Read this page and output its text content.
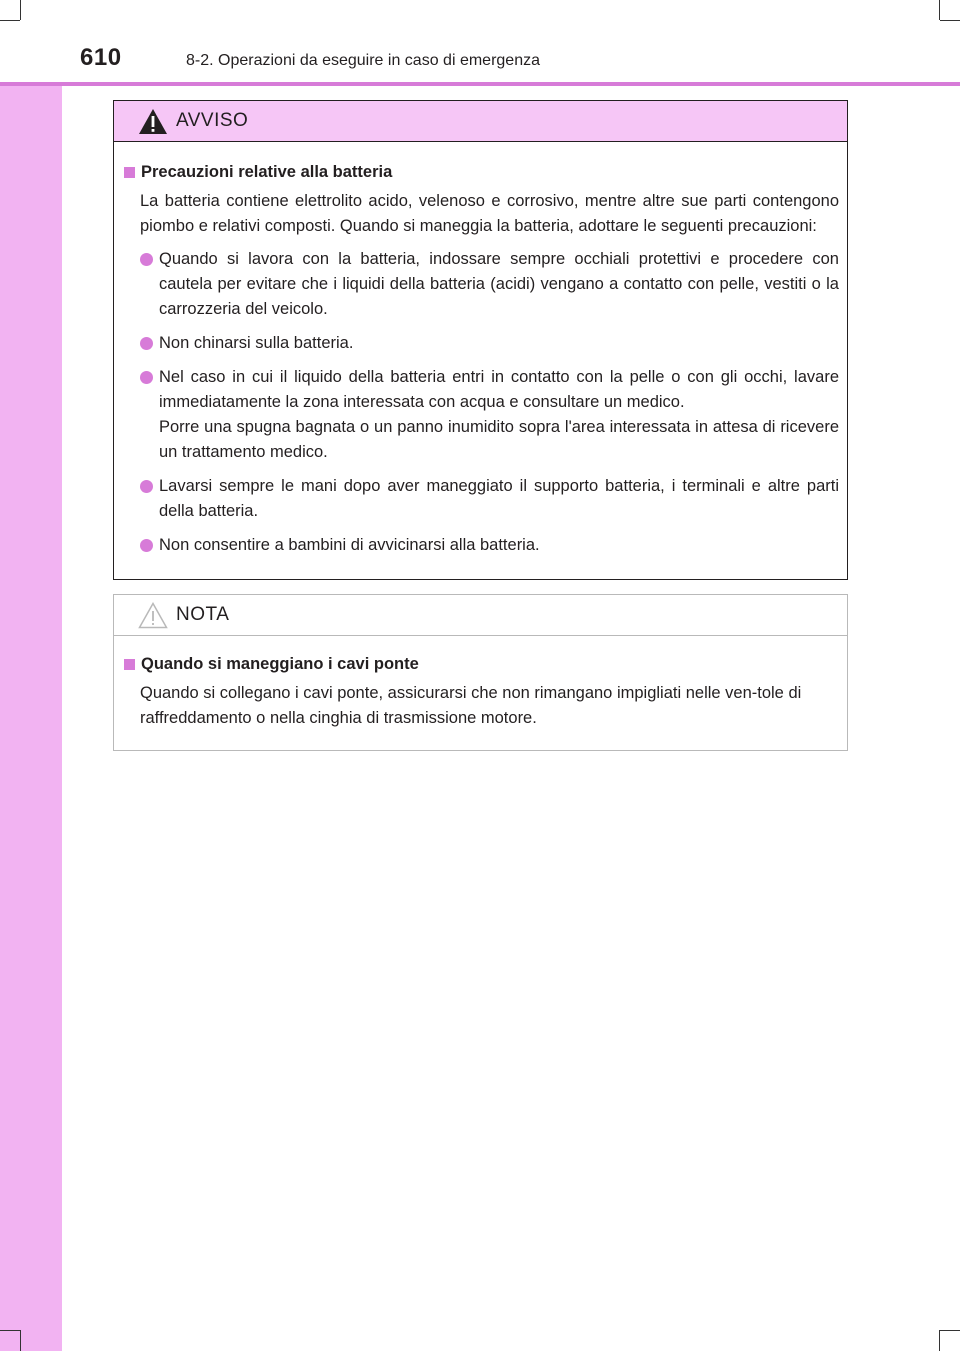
610	8-2. Operazioni da eseguire in caso di emergenza
AVVISO
Precauzioni relative alla batteria

La batteria contiene elettrolito acido, velenoso e corrosivo, mentre altre sue parti contengono piombo e relativi composti. Quando si maneggia la batteria, adottare le seguenti precauzioni:

Quando si lavora con la batteria, indossare sempre occhiali protettivi e procedere con cautela per evitare che i liquidi della batteria (acidi) vengano a contatto con pelle, vestiti o la carrozzeria del veicolo.
Non chinarsi sulla batteria.
Nel caso in cui il liquido della batteria entri in contatto con la pelle o con gli occhi, lavare immediatamente la zona interessata con acqua e consultare un medico.
Porre una spugna bagnata o un panno inumidito sopra l'area interessata in attesa di ricevere un trattamento medico.
Lavarsi sempre le mani dopo aver maneggiato il supporto batteria, i terminali e altre parti della batteria.
Non consentire a bambini di avvicinarsi alla batteria.
NOTA
Quando si maneggiano i cavi ponte

Quando si collegano i cavi ponte, assicurarsi che non rimangano impigliati nelle ven-tole di raffreddamento o nella cinghia di trasmissione motore.
